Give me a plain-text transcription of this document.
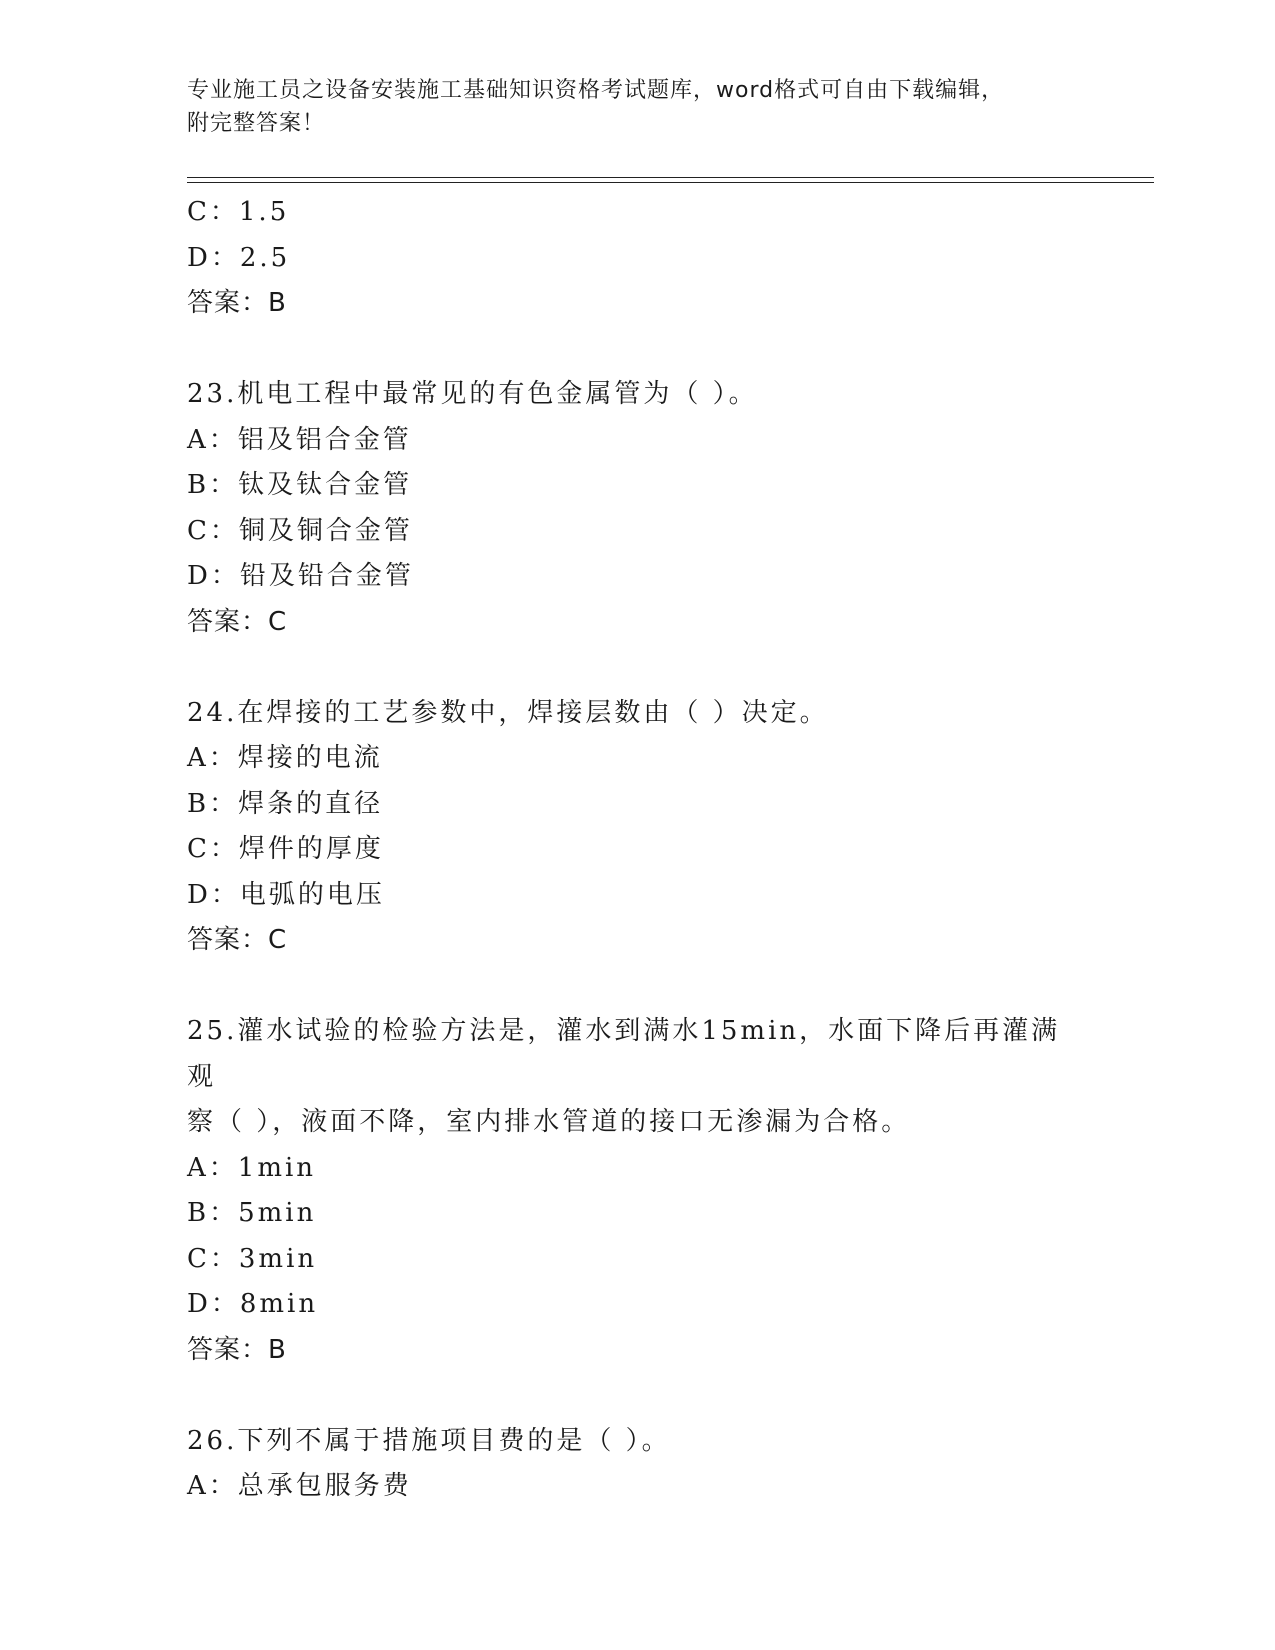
专业施工员之设备安装施工基础知识资格考试题库，word格式可自由下载编辑，
附完整答案！
C：1.5
D：2.5
答案：B
23.机电工程中最常见的有色金属管为（ ）。
A：铝及铝合金管
B：钛及钛合金管
C：铜及铜合金管
D：铅及铅合金管
答案：C
24.在焊接的工艺参数中，焊接层数由（ ）决定。
A：焊接的电流
B：焊条的直径
C：焊件的厚度
D：电弧的电压
答案：C
25.灌水试验的检验方法是，灌水到满水15min，水面下降后再灌满观
察（ ），液面不降，室内排水管道的接口无渗漏为合格。
A：1min
B：5min
C：3min
D：8min
答案：B
26.下列不属于措施项目费的是（ ）。
A：总承包服务费
